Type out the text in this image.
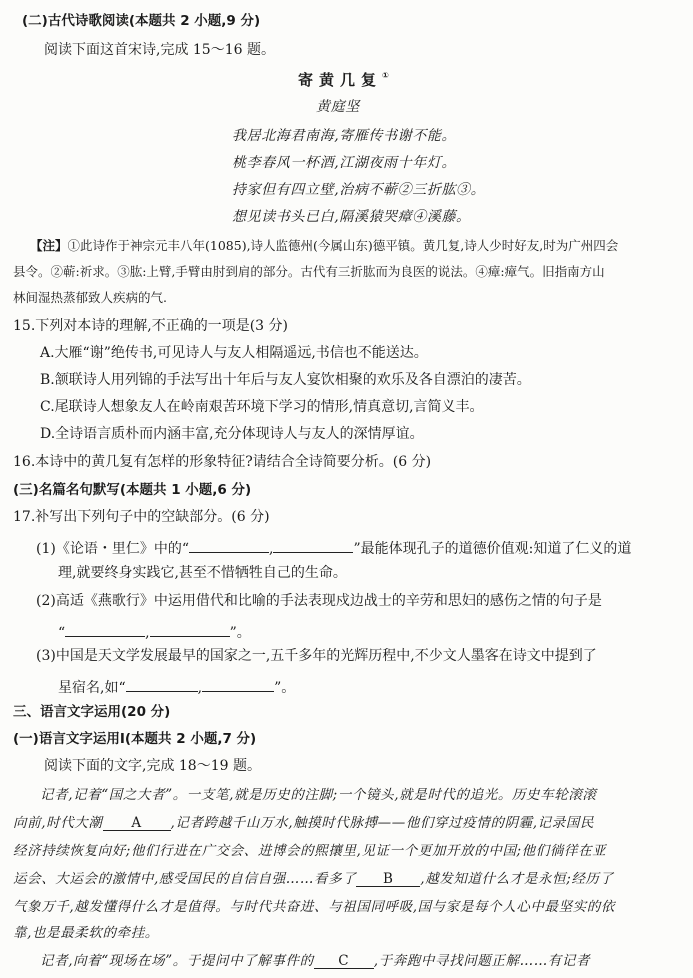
(二)古代诗歌阅读(本题共 2 小题,9 分)
阅读下面这首宋诗,完成 15～16 题。
寄黄几复①
黄庭坚
我居北海君南海,寄雁传书谢不能。
桃李春风一杯酒,江湖夜雨十年灯。
持家但有四立壁,治病不蕲②三折肱③。
想见读书头已白,隔溪猿哭瘴④溪藤。
【注】①此诗作于神宗元丰八年(1085),诗人监德州(今属山东)德平镇。黄几复,诗人少时好友,时为广州四会
县令。②蕲:祈求。③肱:上臂,手臂由肘到肩的部分。古代有三折肱而为良医的说法。④瘴:瘴气。旧指南方山
林间湿热蒸郁致人疾病的气.
15.下列对本诗的理解,不正确的一项是(3 分)
A.大雁“谢”绝传书,可见诗人与友人相隔遥远,书信也不能送达。
B.颔联诗人用列锦的手法写出十年后与友人宴饮相聚的欢乐及各自漂泊的凄苦。
C.尾联诗人想象友人在岭南艰苦环境下学习的情形,情真意切,言简义丰。
D.全诗语言质朴而内涵丰富,充分体现诗人与友人的深情厚谊。
16.本诗中的黄几复有怎样的形象特征?请结合全诗简要分析。(6 分)
(三)名篇名句默写(本题共 1 小题,6 分)
17.补写出下列句子中的空缺部分。(6 分)
(1)《论语・里仁》中的“	,	”最能体现孔子的道德价值观:知道了仁义的道
理,就要终身实践它,甚至不惜牺牲自己的生命。
(2)高适《燕歌行》中运用借代和比喻的手法表现戍边战士的辛劳和思妇的感伤之情的句子是
“	,	”。
(3)中国是天文学发展最早的国家之一,五千多年的光辉历程中,不少文人墨客在诗文中提到了
星宿名,如“	,	”。
三、语言文字运用(20 分)
(一)语言文字运用Ⅰ(本题共 2 小题,7 分)
阅读下面的文字,完成 18～19 题。
记者,记着“国之大者”。一支笔,就是历史的注脚;一个镜头,就是时代的追光。历史车轮滚滚
向前,时代大潮 A ,记者跨越千山万水,触摸时代脉搏——他们穿过疫情的阴霾,记录国民
经济持续恢复向好;他们行进在广交会、进博会的熙攘里,见证一个更加开放的中国;他们徜徉在亚
运会、大运会的激情中,感受国民的自信自强……看多了 B ,越发知道什么才是永恒;经历了
气象万千,越发懂得什么才是值得。与时代共奋进、与祖国同呼吸,国与家是每个人心中最坚实的依
靠,也是最柔软的牵挂。
记者,向着“现场在场”。于提问中了解事件的 C ,于奔跑中寻找问题正解……有记者
